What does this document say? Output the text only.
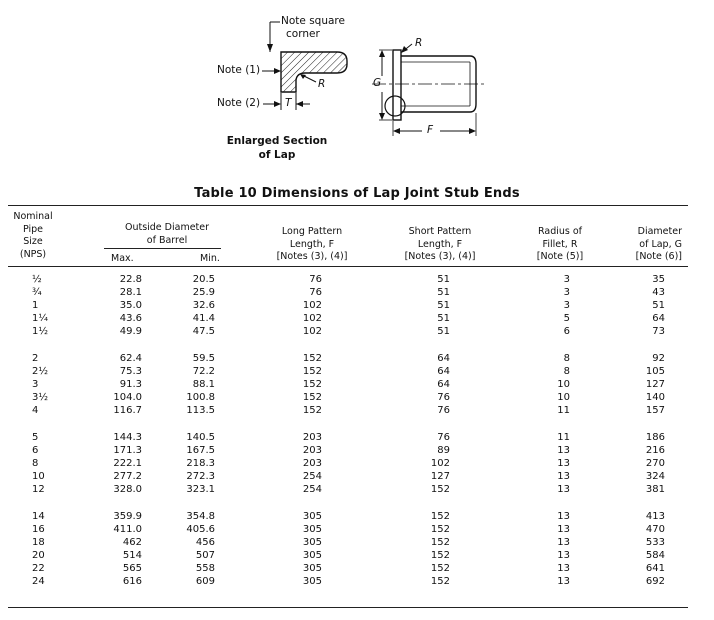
Note square
corner
Note (1)
Note (2)
R
T
R
G
F
Enlarged Section
of Lap
Table 10 Dimensions of Lap Joint Stub Ends
Nominal
Pipe
Size
(NPS)
Outside Diameter
of Barrel
Max.	Min.
Long Pattern
Length, F
[Notes (3), (4)]
Short Pattern
Length, F
[Notes (3), (4)]
Radius of
Fillet, R
[Note (5)]
Diameter
of Lap, G
[Note (6)]
½	22.8	20.5	76	51	3	35
¾	28.1	25.9	76	51	3	43
1	35.0	32.6	102	51	3	51
1¼	43.6	41.4	102	51	5	64
1½	49.9	47.5	102	51	6	73
2	62.4	59.5	152	64	8	92
2½	75.3	72.2	152	64	8	105
3	91.3	88.1	152	64	10	127
3½	104.0	100.8	152	76	10	140
4	116.7	113.5	152	76	11	157
5	144.3	140.5	203	76	11	186
6	171.3	167.5	203	89	13	216
8	222.1	218.3	203	102	13	270
10	277.2	272.3	254	127	13	324
12	328.0	323.1	254	152	13	381
14	359.9	354.8	305	152	13	413
16	411.0	405.6	305	152	13	470
18	462	456	305	152	13	533
20	514	507	305	152	13	584
22	565	558	305	152	13	641
24	616	609	305	152	13	692
